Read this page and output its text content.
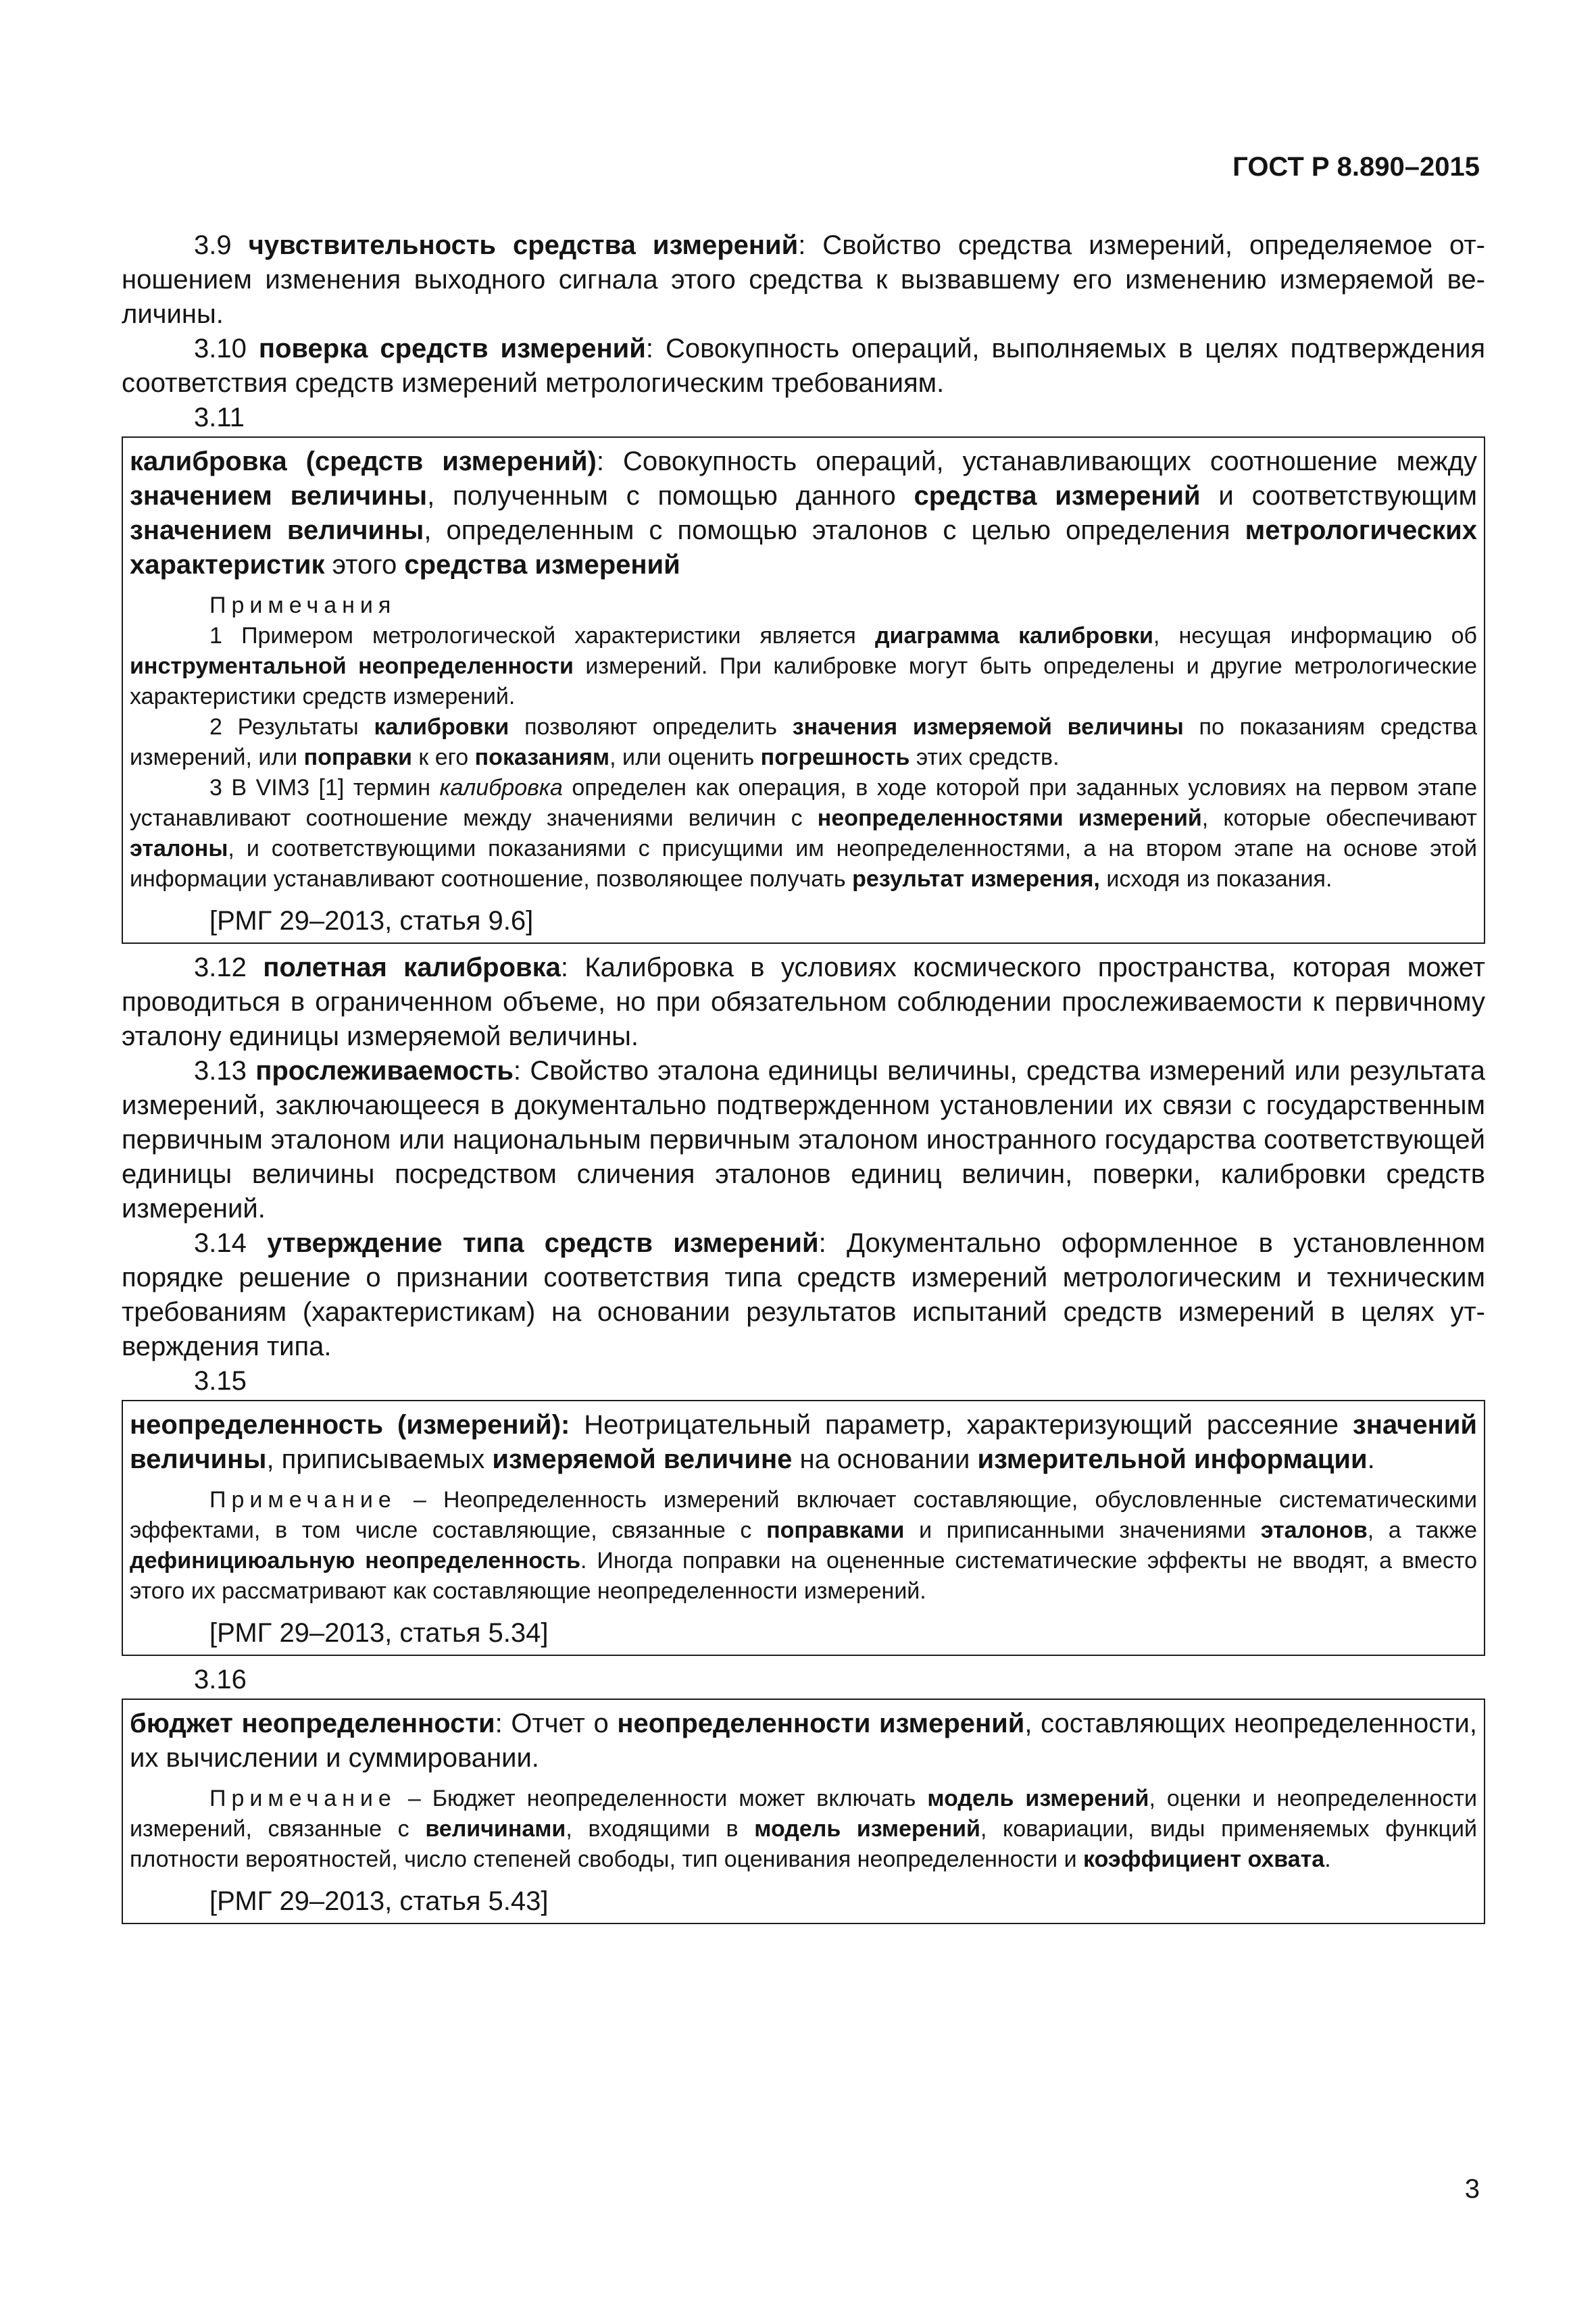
ГОСТ Р 8.890–2015

3.9 чувствительность средства измерений: Свойство средства измерений, определяемое отношением изменения выходного сигнала этого средства к вызвавшему его изменению измеряемой величины.

3.10 поверка средств измерений: Совокупность операций, выполняемых в целях подтверждения соответствия средств измерений метрологическим требованиям.

3.11

калибровка (средств измерений): Совокупность операций, устанавливающих соотношение между значением величины, полученным с помощью данного средства измерений и соответствующим значением величины, определенным с помощью эталонов с целью определения метрологических характеристик этого средства измерений

Примечания

1 Примером метрологической характеристики является диаграмма калибровки, несущая информацию об инструментальной неопределенности измерений. При калибровке могут быть определены и другие метрологические характеристики средств измерений.

2 Результаты калибровки позволяют определить значения измеряемой величины по показаниям средства измерений, или поправки к его показаниям, или оценить погрешность этих средств.

3 В VIM3 [1] термин калибровка определен как операция, в ходе которой при заданных условиях на первом этапе устанавливают соотношение между значениями величин с неопределенностями измерений, которые обеспечивают эталоны, и соответствующими показаниями с присущими им неопределенностями, а на втором этапе на основе этой информации устанавливают соотношение, позволяющее получать результат измерения, исходя из показания.

[РМГ 29–2013, статья 9.6]

3.12 полетная калибровка: Калибровка в условиях космического пространства, которая может проводиться в ограниченном объеме, но при обязательном соблюдении прослеживаемости к первичному эталону единицы измеряемой величины.

3.13 прослеживаемость: Свойство эталона единицы величины, средства измерений или результата измерений, заключающееся в документально подтвержденном установлении их связи с государственным первичным эталоном или национальным первичным эталоном иностранного государства соответствующей единицы величины посредством сличения эталонов единиц величин, поверки, калибровки средств измерений.

3.14 утверждение типа средств измерений: Документально оформленное в установленном порядке решение о признании соответствия типа средств измерений метрологическим и техническим требованиям (характеристикам) на основании результатов испытаний средств измерений в целях утверждения типа.

3.15

неопределенность (измерений): Неотрицательный параметр, характеризующий рассеяние значений величины, приписываемых измеряемой величине на основании измерительной информации.

Примечание – Неопределенность измерений включает составляющие, обусловленные систематическими эффектами, в том числе составляющие, связанные с поправками и приписанными значениями эталонов, а также дефинициюальную неопределенность. Иногда поправки на оцененные систематические эффекты не вводят, а вместо этого их рассматривают как составляющие неопределенности измерений.

[РМГ 29–2013, статья 5.34]

3.16

бюджет неопределенности: Отчет о неопределенности измерений, составляющих неопределенности, их вычислении и суммировании.

Примечание – Бюджет неопределенности может включать модель измерений, оценки и неопределенности измерений, связанные с величинами, входящими в модель измерений, ковариации, виды применяемых функций плотности вероятностей, число степеней свободы, тип оценивания неопределенности и коэффициент охвата.

[РМГ 29–2013, статья 5.43]

3
